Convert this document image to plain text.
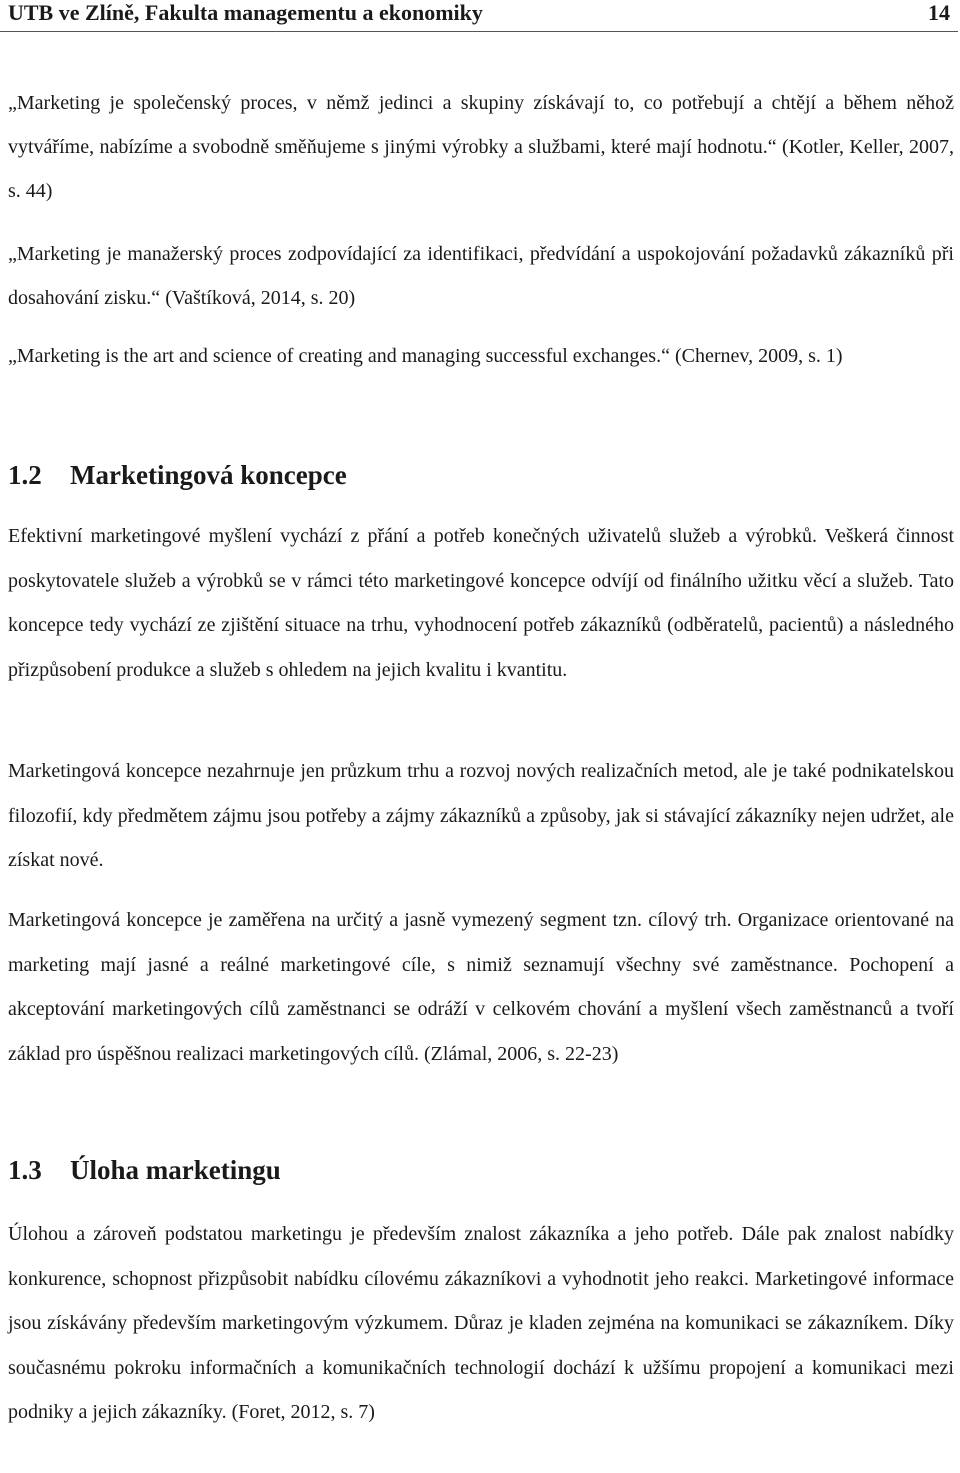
UTB ve Zlíně, Fakulta managementu a ekonomiky	14

„Marketing je společenský proces, v němž jedinci a skupiny získávají to, co potřebují a chtějí a během něhož vytváříme, nabízíme a svobodně směňujeme s jinými výrobky a službami, které mají hodnotu.“ (Kotler, Keller, 2007, s. 44)

„Marketing je manažerský proces zodpovídající za identifikaci, předvídání a uspokojování požadavků zákazníků při dosahování zisku.“ (Vaštíková, 2014, s. 20)

„Marketing is the art and science of creating and managing successful exchanges.“ (Chernev, 2009, s. 1)

1.2 Marketingová koncepce

Efektivní marketingové myšlení vychází z přání a potřeb konečných uživatelů služeb a výrobků. Veškerá činnost poskytovatele služeb a výrobků se v rámci této marketingové koncepce odvíjí od finálního užitku věcí a služeb. Tato koncepce tedy vychází ze zjištění situace na trhu, vyhodnocení potřeb zákazníků (odběratelů, pacientů) a následného přizpůsobení produkce a služeb s ohledem na jejich kvalitu i kvantitu.

Marketingová koncepce nezahrnuje jen průzkum trhu a rozvoj nových realizačních metod, ale je také podnikatelskou filozofií, kdy předmětem zájmu jsou potřeby a zájmy zákazníků a způsoby, jak si stávající zákazníky nejen udržet, ale získat nové.

Marketingová koncepce je zaměřena na určitý a jasně vymezený segment tzn. cílový trh. Organizace orientované na marketing mají jasné a reálné marketingové cíle, s nimiž seznamují všechny své zaměstnance. Pochopení a akceptování marketingových cílů zaměstnanci se odráží v celkovém chování a myšlení všech zaměstnanců a tvoří základ pro úspěšnou realizaci marketingových cílů. (Zlámal, 2006, s. 22-23)

1.3 Úloha marketingu

Úlohou a zároveň podstatou marketingu je především znalost zákazníka a jeho potřeb. Dále pak znalost nabídky konkurence, schopnost přizpůsobit nabídku cílovému zákazníkovi a vyhodnotit jeho reakci. Marketingové informace jsou získávány především marketingovým výzkumem. Důraz je kladen zejména na komunikaci se zákazníkem. Díky současnému pokroku informačních a komunikačních technologií dochází k užšímu propojení a komunikaci mezi podniky a jejich zákazníky. (Foret, 2012, s. 7)
